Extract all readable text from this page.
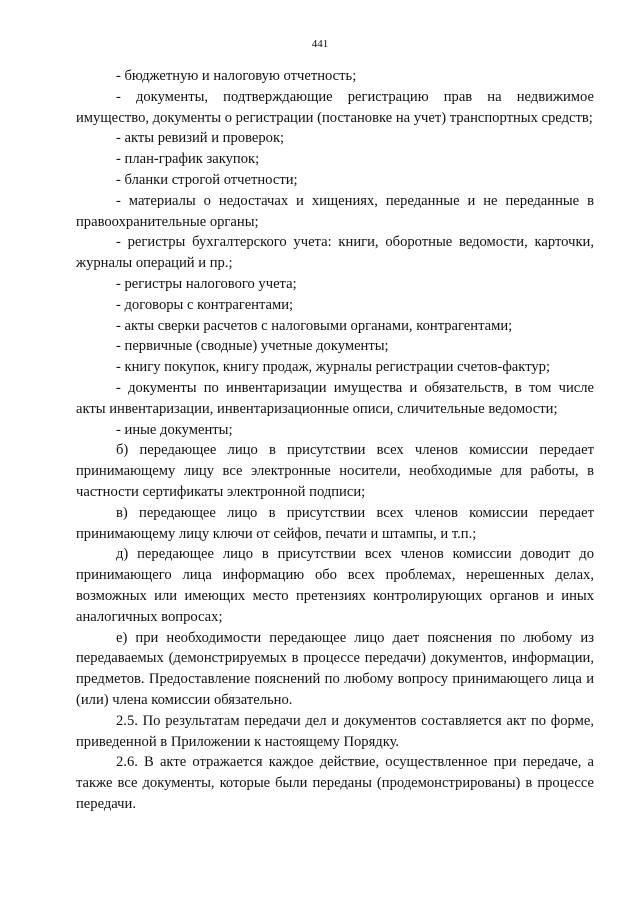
441

- бюджетную и налоговую отчетность;

- документы, подтверждающие регистрацию прав на недвижимое имущество, документы о регистрации (постановке на учет) транспортных средств;

- акты ревизий и проверок;

- план-график закупок;

- бланки строгой отчетности;

- материалы о недостачах и хищениях, переданные и не переданные в правоохранительные органы;

- регистры бухгалтерского учета: книги, оборотные ведомости, карточки, журналы операций и пр.;

- регистры налогового учета;

- договоры с контрагентами;

- акты сверки расчетов с налоговыми органами, контрагентами;

- первичные (сводные) учетные документы;

- книгу покупок, книгу продаж, журналы регистрации счетов-фактур;

- документы по инвентаризации имущества и обязательств, в том числе акты инвентаризации, инвентаризационные описи, сличительные ведомости;

- иные документы;

б) передающее лицо в присутствии всех членов комиссии передает принимающему лицу все электронные носители, необходимые для работы, в частности сертификаты электронной подписи;

в) передающее лицо в присутствии всех членов комиссии передает принимающему лицу ключи от сейфов, печати и штампы, и т.п.;

д) передающее лицо в присутствии всех членов комиссии доводит до принимающего лица информацию обо всех проблемах, нерешенных делах, возможных или имеющих место претензиях контролирующих органов и иных аналогичных вопросах;

е) при необходимости передающее лицо дает пояснения по любому из передаваемых (демонстрируемых в процессе передачи) документов, информации, предметов. Предоставление пояснений по любому вопросу принимающего лица и (или) члена комиссии обязательно.

2.5. По результатам передачи дел и документов составляется акт по форме, приведенной в Приложении к настоящему Порядку.

2.6. В акте отражается каждое действие, осуществленное при передаче, а также все документы, которые были переданы (продемонстрированы) в процессе передачи.
